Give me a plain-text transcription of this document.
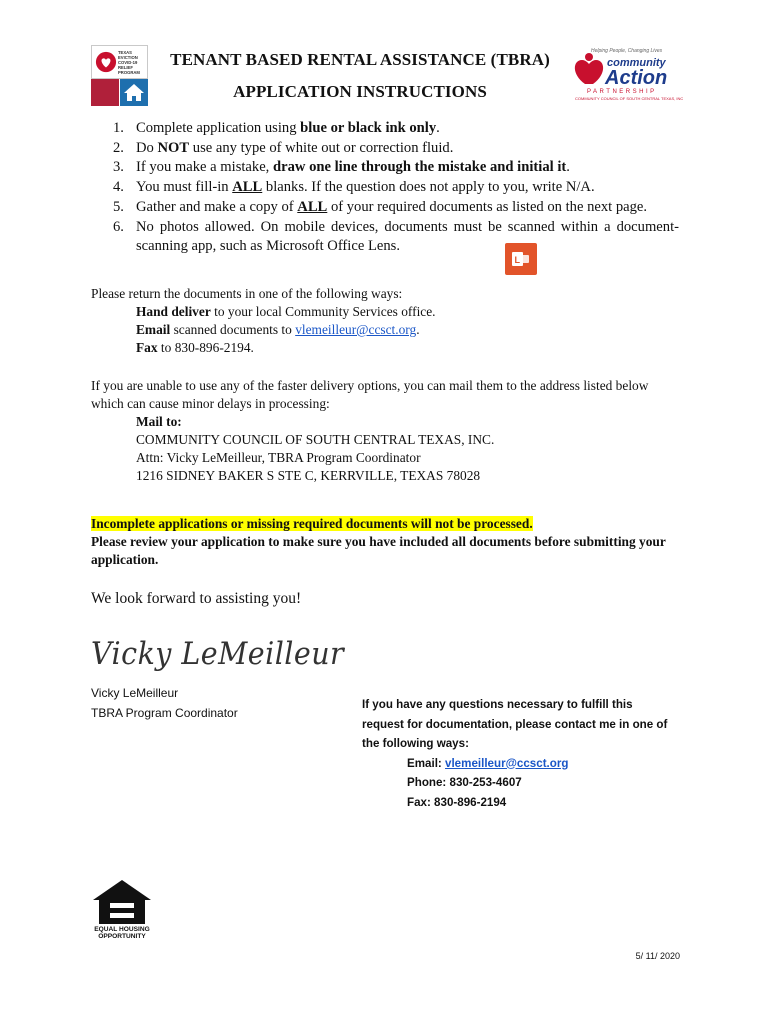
TEXAS EVICTION
COVID-19
RELIEF
PROGRAM
TENANT BASED RENTAL ASSISTANCE (TBRA)
APPLICATION INSTRUCTIONS
Helping People, Changing Lives
community
Action
PARTNERSHIP
COMMUNITY COUNCIL OF SOUTH CENTRAL TEXAS, INC.
1. Complete application using blue or black ink only.
2. Do NOT use any type of white out or correction fluid.
3. If you make a mistake, draw one line through the mistake and initial it.
4. You must fill-in ALL blanks. If the question does not apply to you, write N/A.
5. Gather and make a copy of ALL of your required documents as listed on the next page.
6. No photos allowed. On mobile devices, documents must be scanned within a document-scanning app, such as Microsoft Office Lens.
L
Please return the documents in one of the following ways:
Hand deliver to your local Community Services office.
Email scanned documents to vlemeilleur@ccsct.org.
Fax to 830-896-2194.
If you are unable to use any of the faster delivery options, you can mail them to the address listed below which can cause minor delays in processing:
Mail to:
COMMUNITY COUNCIL OF SOUTH CENTRAL TEXAS, INC.
Attn: Vicky LeMeilleur, TBRA Program Coordinator
1216 SIDNEY BAKER S STE C, KERRVILLE, TEXAS 78028
Incomplete applications or missing required documents will not be processed.
Please review your application to make sure you have included all documents before submitting your application.
We look forward to assisting you!
Vicky LeMeilleur
Vicky LeMeilleur
TBRA Program Coordinator
If you have any questions necessary to fulfill this request for documentation, please contact me in one of the following ways:
Email: vlemeilleur@ccsct.org
Phone: 830-253-4607
Fax: 830-896-2194
EQUAL HOUSING
OPPORTUNITY
5/ 11/ 2020
